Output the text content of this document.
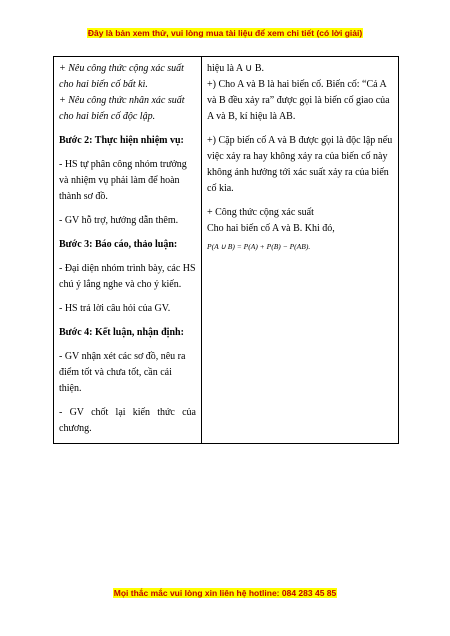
Đây là bản xem thử, vui lòng mua tài liệu để xem chi tiết (có lời giải)

+ Nêu công thức cộng xác suất cho hai biến cố bất kì.

+ Nêu công thức nhân xác suất cho hai biến cố độc lập.

Bước 2: Thực hiện nhiệm vụ:

- HS tự phân công nhóm trưởng và nhiệm vụ phải làm để hoàn thành sơ đồ.

- GV hỗ trợ, hướng dẫn thêm.

Bước 3: Báo cáo, thảo luận:

- Đại diện nhóm trình bày, các HS chú ý lắng nghe và cho ý kiến.

- HS trả lời câu hỏi của GV.

Bước 4: Kết luận, nhận định:

- GV nhận xét các sơ đồ, nêu ra điểm tốt và chưa tốt, cần cải thiện.

- GV chốt lại kiến thức của chương.

hiệu là A ∪ B.

+) Cho A và B là hai biến cố. Biến cố: “Cả A và B đều xảy ra” được gọi là biến cố giao của A và B, kí hiệu là AB.

+) Cặp biến cố A và B được gọi là độc lập nếu việc xảy ra hay không xảy ra của biến cố này không ảnh hưởng tới xác suất xảy ra của biến cố kia.

+ Công thức cộng xác suất

Cho hai biến cố A và B. Khi đó,

P(A ∪ B) = P(A) + P(B) − P(AB).

Mọi thắc mắc vui lòng xin liên hệ hotline: 084 283 45 85
